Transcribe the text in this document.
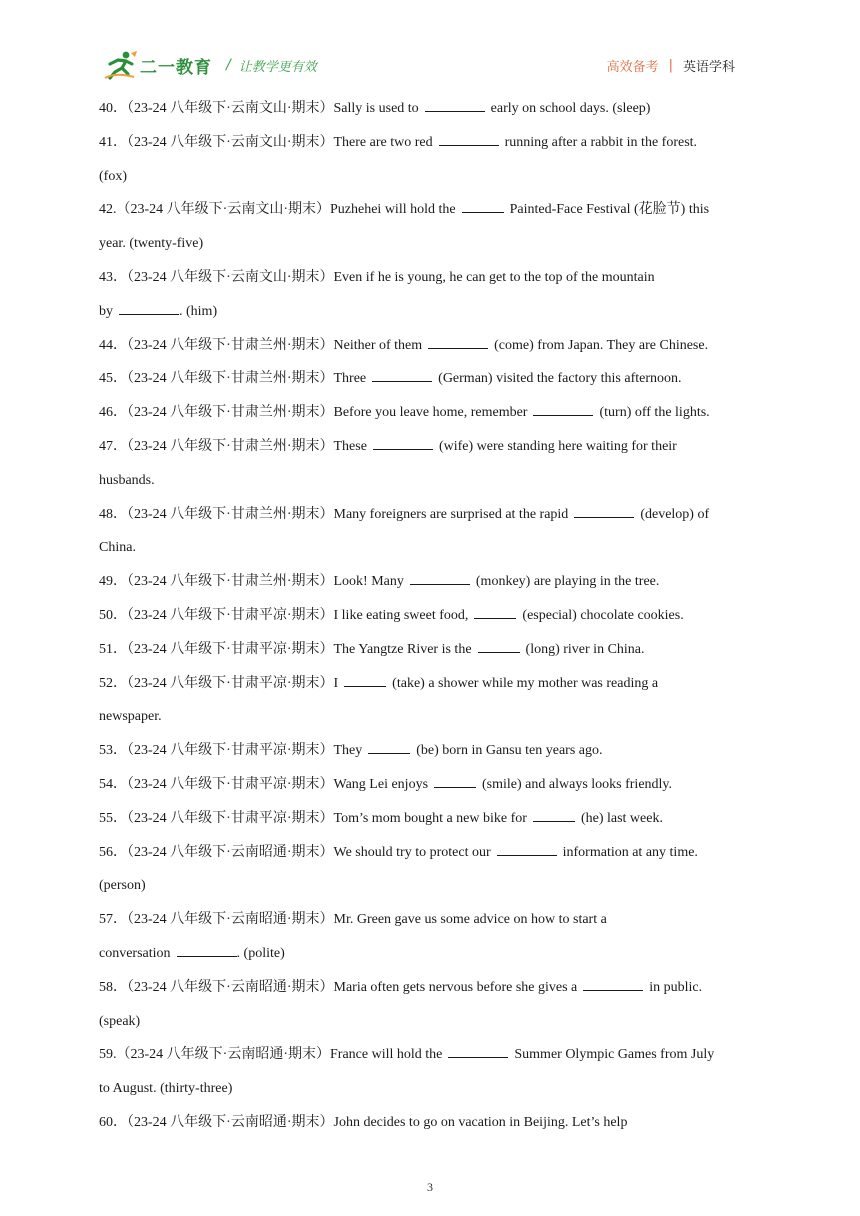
二一教育 / 让教学更有效	高效备考 | 英语学科
40．（23-24 八年级下·云南文山·期末）Sally is used to	early on school days. (sleep)
41．（23-24 八年级下·云南文山·期末）There are two red	running after a rabbit in the forest.
(fox)
42.（23-24 八年级下·云南文山·期末）Puzhehei will hold the	Painted-Face Festival (花脸节) this
year. (twenty-five)
43．（23-24 八年级下·云南文山·期末）Even if he is young, he can get to the top of the mountain
by	. (him)
44．（23-24 八年级下·甘肃兰州·期末）Neither of them	(come) from Japan. They are Chinese.
45．（23-24 八年级下·甘肃兰州·期末）Three	(German) visited the factory this afternoon.
46．（23-24 八年级下·甘肃兰州·期末）Before you leave home, remember	(turn) off the lights.
47．（23-24 八年级下·甘肃兰州·期末）These	(wife) were standing here waiting for their
husbands.
48．（23-24 八年级下·甘肃兰州·期末）Many foreigners are surprised at the rapid	(develop) of
China.
49．（23-24 八年级下·甘肃兰州·期末）Look! Many	(monkey) are playing in the tree.
50．（23-24 八年级下·甘肃平凉·期末）I like eating sweet food,	(especial) chocolate cookies.
51．（23-24 八年级下·甘肃平凉·期末）The Yangtze River is the	(long) river in China.
52．（23-24 八年级下·甘肃平凉·期末）I	(take) a shower while my mother was reading a
newspaper.
53．（23-24 八年级下·甘肃平凉·期末）They	(be) born in Gansu ten years ago.
54．（23-24 八年级下·甘肃平凉·期末）Wang Lei enjoys	(smile) and always looks friendly.
55．（23-24 八年级下·甘肃平凉·期末）Tom’s mom bought a new bike for	(he) last week.
56．（23-24 八年级下·云南昭通·期末）We should try to protect our	information at any time.
(person)
57．（23-24 八年级下·云南昭通·期末）Mr. Green gave us some advice on how to start a
conversation	. (polite)
58．（23-24 八年级下·云南昭通·期末）Maria often gets nervous before she gives a	in public.
(speak)
59.（23-24 八年级下·云南昭通·期末）France will hold the	Summer Olympic Games from July
to August. (thirty-three)
60．（23-24 八年级下·云南昭通·期末）John decides to go on vacation in Beijing. Let’s help
3
